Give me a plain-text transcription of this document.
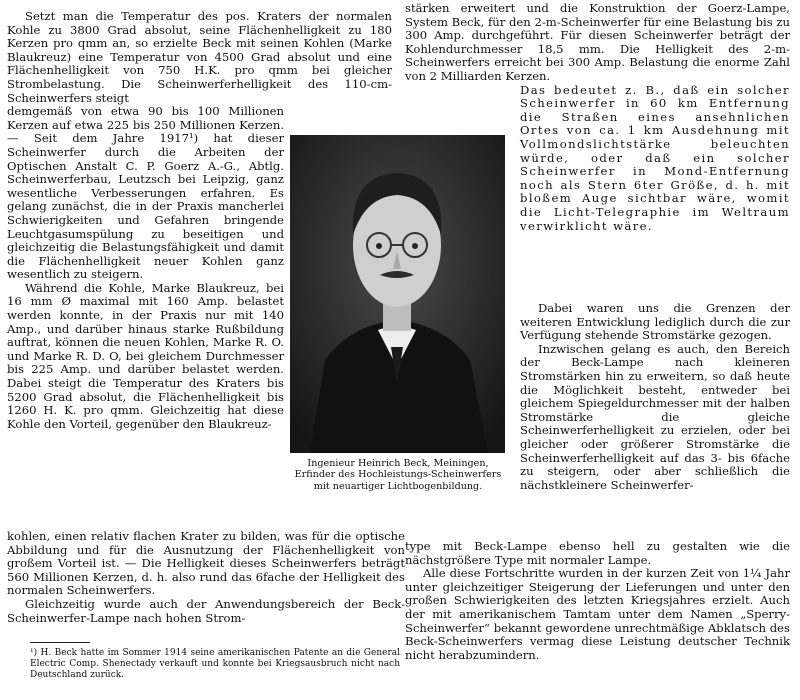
Setzt man die Temperatur des pos. Kraters der normalen Kohle zu 3800 Grad absolut, seine Flächenhelligkeit zu 180 Kerzen pro qmm an, so erzielte Beck mit seinen Kohlen (Marke Blaukreuz) eine Temperatur von 4500 Grad absolut und eine Flächenhelligkeit von 750 H.K. pro qmm bei gleicher Strombelastung. Die Scheinwerferhelligkeit des 110-cm-Scheinwerfers steigt

demgemäß von etwa 90 bis 100 Millionen Kerzen auf etwa 225 bis 250 Millionen Kerzen. — Seit dem Jahre 1917¹) hat dieser Scheinwerfer durch die Arbeiten der Optischen Anstalt C. P. Goerz A.-G., Abtlg. Scheinwerferbau, Leutzsch bei Leipzig, ganz wesentliche Verbesserungen erfahren. Es gelang zunächst, die in der Praxis mancherlei Schwierigkeiten und Gefahren bringende Leuchtgasumspülung zu beseitigen und gleichzeitig die Belastungsfähigkeit und damit die Flächenhelligkeit neuer Kohlen ganz wesentlich zu steigern.

Während die Kohle, Marke Blaukreuz, bei 16 mm Ø maximal mit 160 Amp. belastet werden konnte, in der Praxis nur mit 140 Amp., und darüber hinaus starke Rußbildung auftrat, können die neuen Kohlen, Marke R. O. und Marke R. D. O, bei gleichem Durchmesser bis 225 Amp. und darüber belastet werden. Dabei steigt die Temperatur des Kraters bis 5200 Grad absolut, die Flächenhelligkeit bis 1260 H. K. pro qmm. Gleichzeitig hat diese Kohle den Vorteil, gegenüber den Blaukreuz-

Ingenieur Heinrich Beck, Meiningen, Erfinder des Hochleistungs-Scheinwerfers mit neuartiger Lichtbogenbildung.

stärken erweitert und die Konstruktion der Goerz-Lampe, System Beck, für den 2-m-Scheinwerfer für eine Belastung bis zu 300 Amp. durchgeführt. Für diesen Scheinwerfer beträgt der Kohlendurchmesser 18,5 mm. Die Helligkeit des 2-m-Scheinwerfers erreicht bei 300 Amp. Belastung die enorme Zahl von 2 Milliarden Kerzen.

Das bedeutet z. B., daß ein solcher Scheinwerfer in 60 km Entfernung die Straßen eines ansehnlichen Ortes von ca. 1 km Ausdehnung mit Vollmondslichtstärke beleuchten würde, oder daß ein solcher Scheinwerfer in Mond-Entfernung noch als Stern 6ter Größe, d. h. mit bloßem Auge sichtbar wäre, womit die Licht-Telegraphie im Weltraum verwirklicht wäre.

Dabei waren uns die Grenzen der weiteren Entwicklung lediglich durch die zur Verfügung stehende Stromstärke gezogen.

Inzwischen gelang es auch, den Bereich der Beck-Lampe nach kleineren Stromstärken hin zu erweitern, so daß heute die Möglichkeit besteht, entweder bei gleichem Spiegeldurchmesser mit der halben Stromstärke die gleiche Scheinwerferhelligkeit zu erzielen, oder bei gleicher oder größerer Stromstärke die Scheinwerferhelligkeit auf das 3- bis 6fache zu steigern, oder aber schließlich die nächstkleinere Scheinwerfer-

kohlen, einen relativ flachen Krater zu bilden, was für die optische Abbildung und für die Ausnutzung der Flächenhelligkeit von großem Vorteil ist. — Die Helligkeit dieses Scheinwerfers beträgt 560 Millionen Kerzen, d. h. also rund das 6fache der Helligkeit des normalen Scheinwerfers.

Gleichzeitig wurde auch der Anwendungsbereich der Beck-Scheinwerfer-Lampe nach hohen Strom-

type mit Beck-Lampe ebenso hell zu gestalten wie die nächstgrößere Type mit normaler Lampe.

Alle diese Fortschritte wurden in der kurzen Zeit von 1¼ Jahr unter gleichzeitiger Steigerung der Lieferungen und unter den großen Schwierigkeiten des letzten Kriegsjahres erzielt. Auch der mit amerikanischem Tamtam unter dem Namen „Sperry-Scheinwerfer“ bekannt gewordene unrechtmäßige Abklatsch des Beck-Scheinwerfers vermag diese Leistung deutscher Technik nicht herabzumindern.

¹) H. Beck hatte im Sommer 1914 seine amerikanischen Patente an die General Electric Comp. Shenectady verkauft und konnte bei Kriegsausbruch nicht nach Deutschland zurück.
